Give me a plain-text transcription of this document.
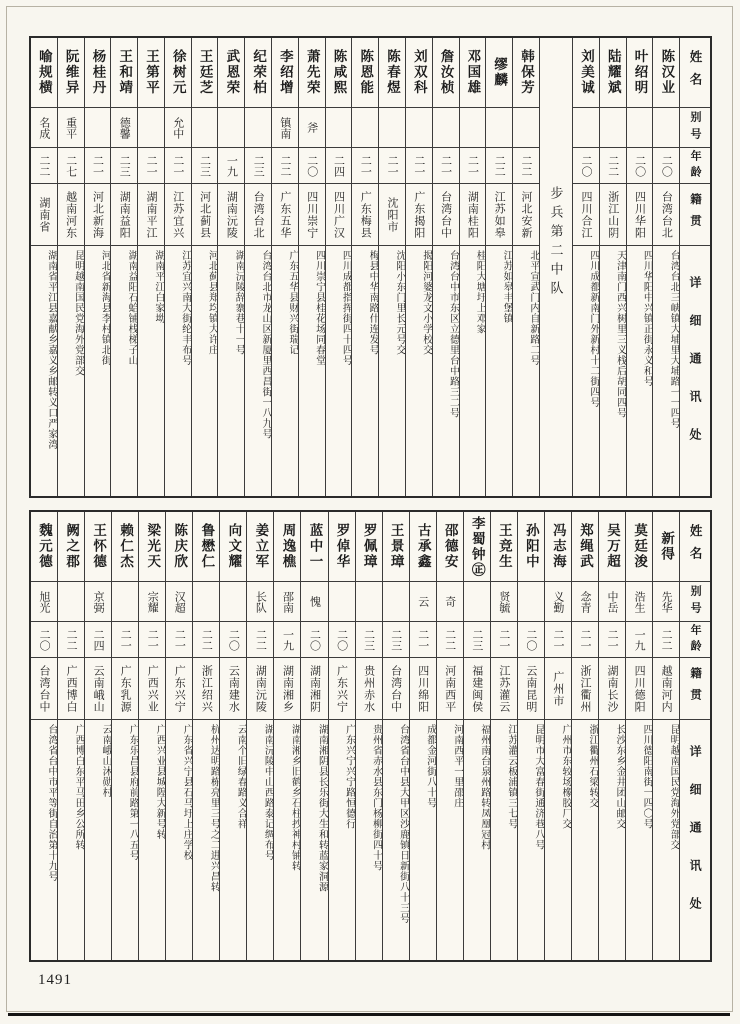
喻规横
名成
二二
湖南省
湖南省平江县嘉献乡嘉义乡邮转义口严家湾
阮维异
重平
二七
越南河东
昆明越南国民党海外党部交
杨桂丹
二一
河北新海
河北省新海县李村镇北街
王和靖
德馨
二三
湖南益阳
湖南益阳石蛤铺栈梯子山
王第平
二一
湖南平江
湖南平江白家坳
徐树元
允中
二一
江苏宜兴
江苏宜兴南大街纶丰布号
王廷芝
二三
河北蓟县
河北蓟县郑均镇大许庄
武恩荣
一九
湖南沅陵
湖南沅陵辞寨巷十一号
纪荣柏
二三
台湾台北
台湾台北市龙山区新厦里西昌街一八九号
李绍增
镇南
二二
广东五华
广东五华县财兴街瑞记
萧先荣
斧
二〇
四川崇宁
四川崇宁县桂花场同春堂
陈咸熙
二四
四川广汉
四川成都指挥街四十四号
陈恩能
二一
广东梅县
梅县中华南路什连发号
陈春煜
二一
沈阳市
沈阳小东门里长元号交
刘双科
二一
广东揭阳
揭阳河婆龙文小学校交
詹汝桢
二一
台湾台中
台湾台中市东区立德里台中路三二号
邓国雄
二一
湖南桂阳
桂阳大塘圩上邓家
缪麟
二二
江苏如皋
江苏如皋丰堡镇
韩保芳
二二
河北安新
北平宣武门内自新路二号
步兵第二中队
刘美诚
二〇
四川合江
四川成都新南门外新村十二街四号
陆耀斌
二二
浙江山阴
天津南门西兴树里三义栈后胡同四号
叶绍明
二〇
四川华阳
四川华阳中兴镇正街永义和号
陈汉业
二〇
台湾台北
台湾台北三峡镇大埔里大埔路一一四号
姓名
别号
年龄
籍贯
详细通讯处
魏元德
旭光
二〇
台湾台中
台湾省台中市平等街自治第十九号
阙之郡
二二
广西博白
广西博白东平马田乡公所转
王怀德
京弼
二四
云南峨山
云南峨山沐勋村
赖仁杰
二一
广东乳源
广东乐昌县府前路第一八五号
梁光天
宗耀
二一
广西兴业
广西兴业县城隍大新号转
陈庆欣
汉超
二一
广东兴宁
广东省兴宁县石马圩上庄学校
鲁懋仁
二二
浙江绍兴
杭州达明路栋亮里三号之二进兴昌转
向文耀
二〇
云南建水
云南个旧绿春路义合祥
姜立军
长队
二二
湖南沅陵
湖南沅陵中山西路泰记绸布号
周逸樵
邵南
一九
湖南湘乡
湖南湘乡旧鹤乡石柱抄神村铺转
蓝中一
愧
二〇
湖南湘阴
湖南湘阴县长乐街大生和转蓝家洞源
罗倬华
二〇
广东兴宁
广东兴宁兴宁路恒德行
罗佩璋
二三
贵州赤水
贵州省赤水县东门杨柳街四十号
王景璋
二三
台湾台中
台湾省台中县大甲区沙鹿镇日新街八十三号
古承鑫
云
二一
四川绵阳
成都金河街八十号
邵德安
奇
二二
河南西平
河南西平一里邵庄
李蜀钟㊣
二三
福建闽侯
福州南台泉州路转凤凰冠村
王竞生
贤毓
二一
江苏灌云
江苏灌云板浦镇三七号
孙阳中
二〇
云南昆明
昆明市大富春街通济巷八号
冯志海
义勤
二一
广州市
广州市东较场橡胶厂交
郑绳武
念青
二一
浙江衢州
浙江衢州石梁转交
吴万超
中岳
二一
湖南长沙
长沙东乡金井团山邮交
莫廷浚
浩生
一九
四川德阳
四川德阳南街一四〇号
新得
先华
二二
越南河内
昆明越南国民党海外党部交
姓名
别号
年龄
籍贯
详细通讯处
1491
